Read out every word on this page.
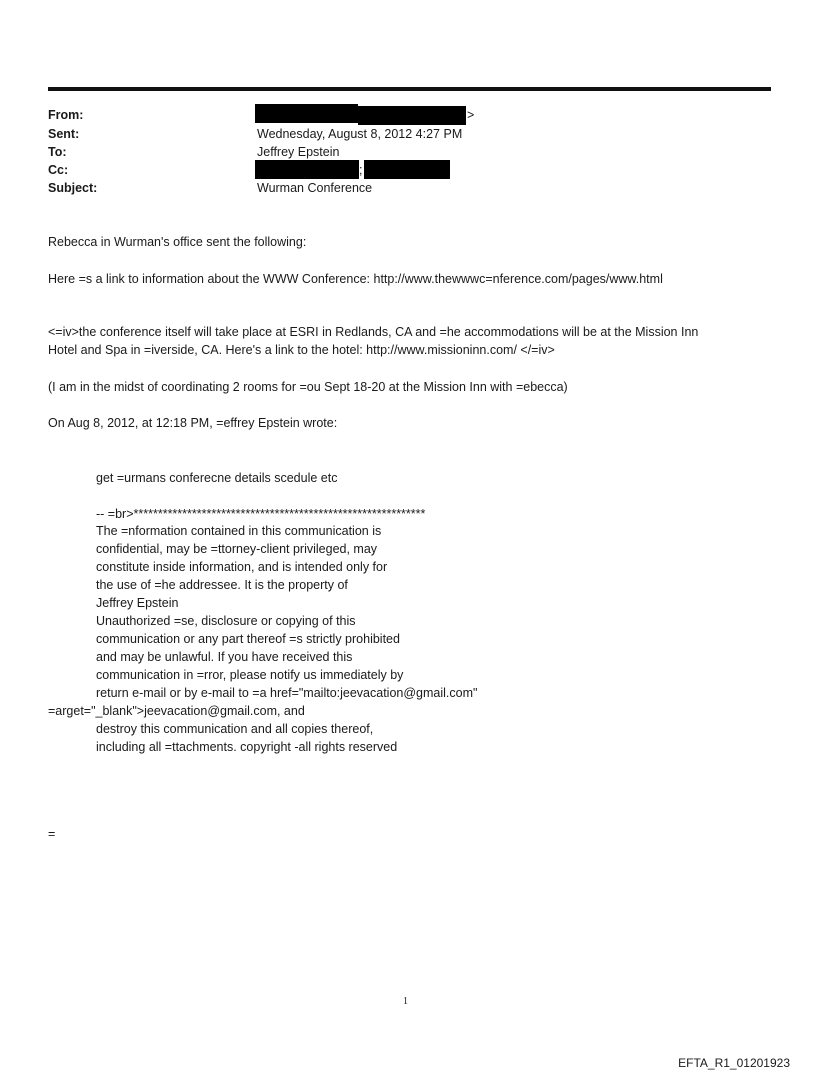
From:	>
Sent:	Wednesday, August 8, 2012 4:27 PM
To:	Jeffrey Epstein
Cc:	;
Subject:	Wurman Conference
Rebecca in Wurman's office sent the following:
Here =s a link to information about the WWW Conference: http://www.thewwwc=nference.com/pages/www.html
<=iv>the conference itself will take place at ESRI in Redlands, CA and =he accommodations will be at the Mission Inn
Hotel and Spa in =iverside, CA. Here's a link to the hotel: http://www.missioninn.com/ </=iv>
(I am in the midst of coordinating 2 rooms for =ou Sept 18-20 at the Mission Inn with =ebecca)
On Aug 8, 2012, at 12:18 PM, =effrey Epstein wrote:
get =urmans conferecne details scedule etc
-- =br>************************************************************
The =nformation contained in this communication is
confidential, may be =ttorney-client privileged, may
constitute inside information, and is intended only for
the use of =he addressee. It is the property of
Jeffrey Epstein
Unauthorized =se, disclosure or copying of this
communication or any part thereof =s strictly prohibited
and may be unlawful. If you have received this
communication in =rror, please notify us immediately by
return e-mail or by e-mail to =a href="mailto:jeevacation@gmail.com"
=arget="_blank">jeevacation@gmail.com, and
destroy this communication and all copies thereof,
including all =ttachments. copyright -all rights reserved
=
1
EFTA_R1_01201923
